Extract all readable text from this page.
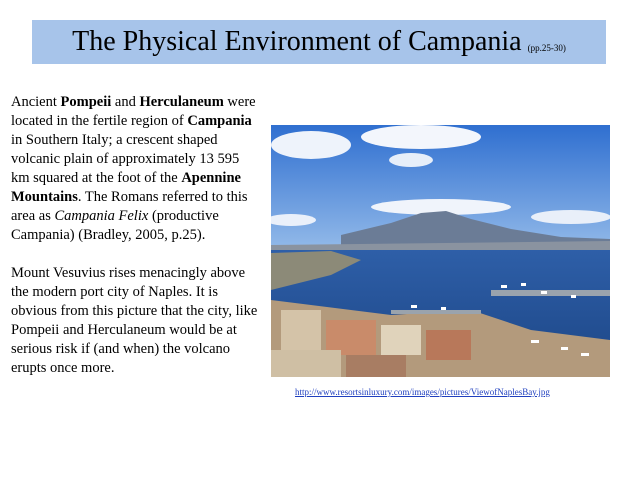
The Physical Environment of Campania (pp.25-30)

Ancient Pompeii and Herculaneum were located in the fertile region of Campania in Southern Italy; a crescent shaped volcanic plain of approximately 13 595 km squared at the foot of the Apennine Mountains. The Romans referred to this area as Campania Felix (productive Campania) (Bradley, 2005, p.25).

Mount Vesuvius rises menacingly above the modern port city of Naples. It is obvious from this picture that the city, like Pompeii and Herculaneum would be at serious risk if (and when) the volcano erupts once more.

http://www.resortsinluxury.com/images/pictures/ViewofNaplesBay.jpg
